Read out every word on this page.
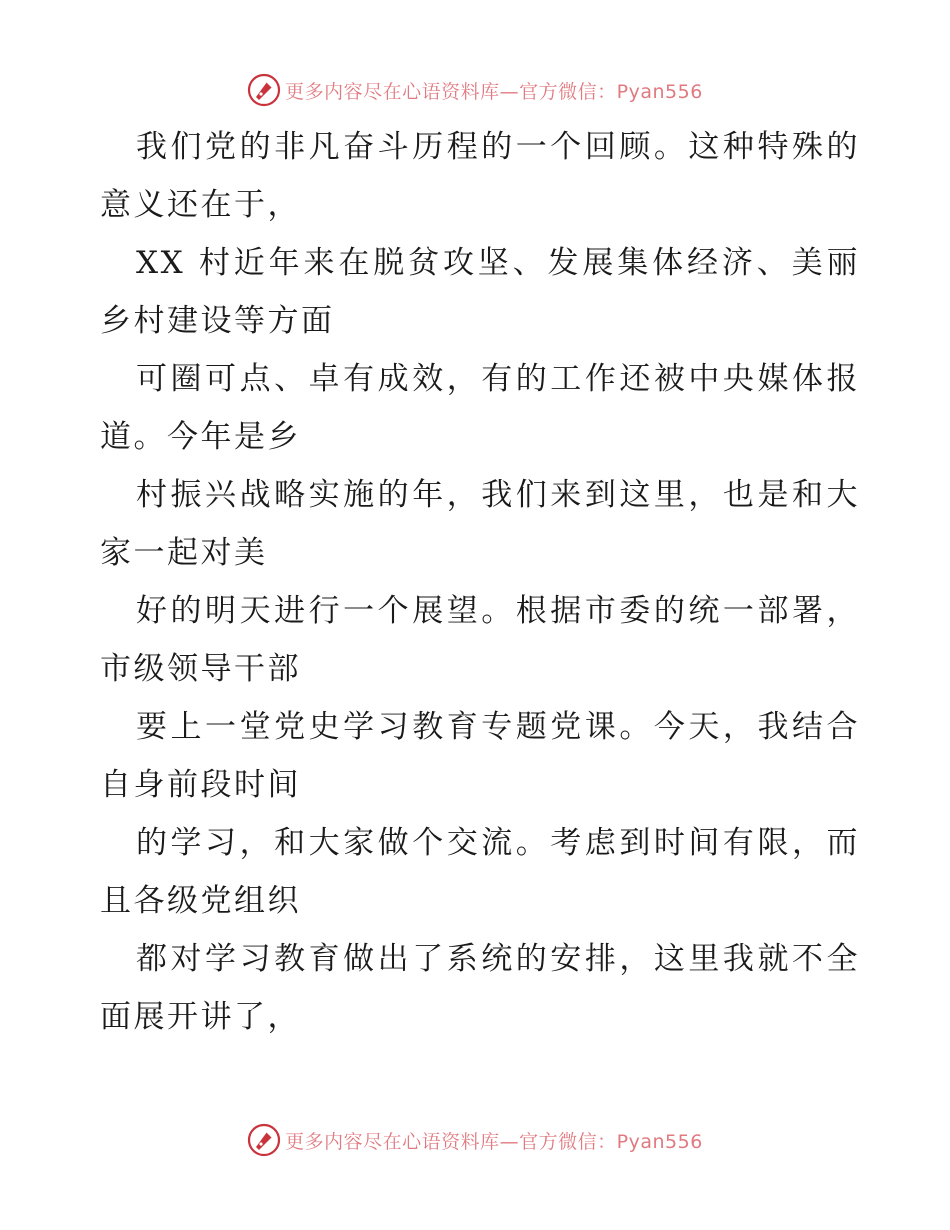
更多内容尽在心语资料库—官方微信：Pyan556

我们党的非凡奋斗历程的一个回顾。这种特殊的意义还在于，

XX 村近年来在脱贫攻坚、发展集体经济、美丽乡村建设等方面

可圈可点、卓有成效，有的工作还被中央媒体报道。今年是乡

村振兴战略实施的年，我们来到这里，也是和大家一起对美

好的明天进行一个展望。根据市委的统一部署，市级领导干部

要上一堂党史学习教育专题党课。今天，我结合自身前段时间

的学习，和大家做个交流。考虑到时间有限，而且各级党组织

都对学习教育做出了系统的安排，这里我就不全面展开讲了，

更多内容尽在心语资料库—官方微信：Pyan556
